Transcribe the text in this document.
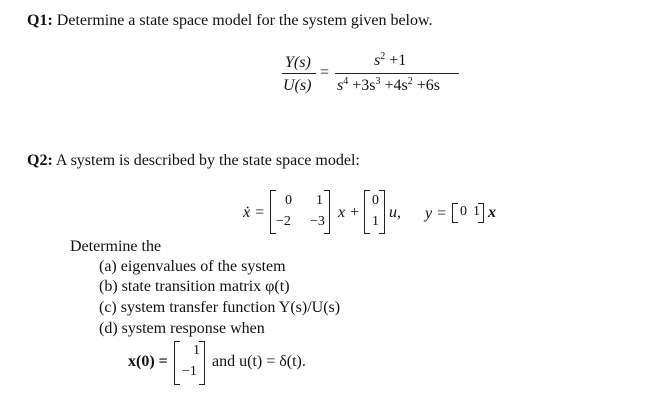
Q1: Determine a state space model for the system given below.
Y(s)
U(s)
=
$s^2 +1$
$s^4 +3s^3 +4s^2 +6s$
Q2: A system is described by the state space model:
ẋ =
0 1
−2 −3
x +
0
1
u, y = 0 1 x
Determine the
(a) eigenvalues of the system
(b) state transition matrix φ(t)
(c) system transfer function Y(s)/U(s)
(d) system response when
x(0) =
1
−1
and u(t) = δ(t).
